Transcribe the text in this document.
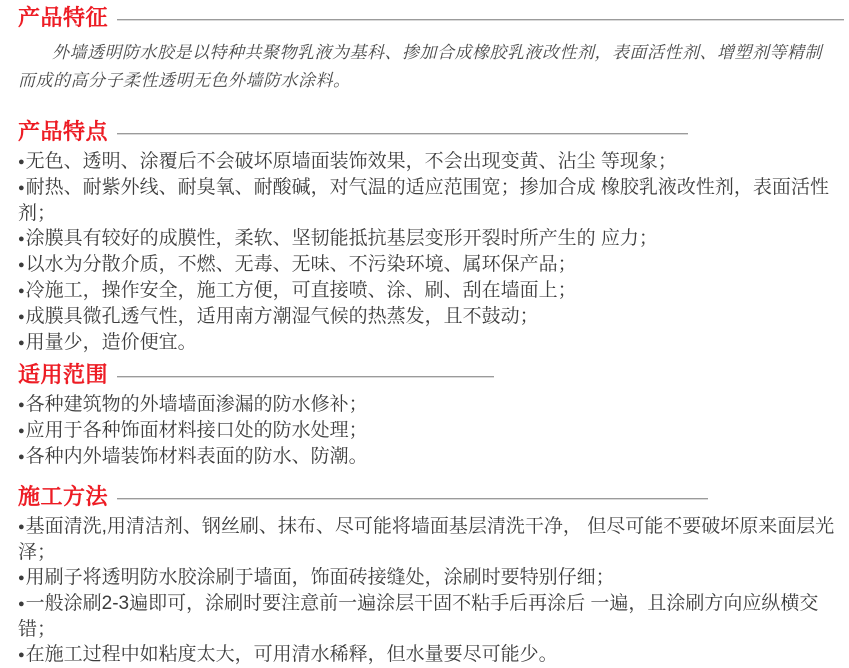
产品特征

外墙透明防水胶是以特种共聚物乳液为基科、掺加合成橡胶乳液改性剂，表面活性剂、增塑剂等精制而成的高分子柔性透明无色外墙防水涂料。

产品特点
●无色、透明、涂覆后不会破坏原墙面装饰效果，不会出现变黄、沾尘 等现象；
●耐热、耐紫外线、耐臭氧、耐酸碱，对气温的适应范围宽；掺加合成 橡胶乳液改性剂，表面活性剂；
●涂膜具有较好的成膜性，柔软、坚韧能抵抗基层变形开裂时所产生的 应力；
●以水为分散介质，不燃、无毒、无味、不污染环境、属环保产品；
●冷施工，操作安全，施工方便，可直接喷、涂、刷、刮在墙面上；
●成膜具微孔透气性，适用南方潮湿气候的热蒸发，且不鼓动；
●用量少，造价便宜。
适用范围
●各种建筑物的外墙墙面渗漏的防水修补；
●应用于各种饰面材料接口处的防水处理；
●各种内外墙装饰材料表面的防水、防潮。
施工方法
●基面清洗,用清洁剂、钢丝刷、抹布、尽可能将墙面基层清洗干净， 但尽可能不要破坏原来面层光泽；
●用刷子将透明防水胶涂刷于墙面，饰面砖接缝处，涂刷时要特别仔细；
●一般涂刷2-3遍即可，涂刷时要注意前一遍涂层干固不粘手后再涂后 一遍，且涂刷方向应纵横交错；
●在施工过程中如粘度太大，可用清水稀释，但水量要尽可能少。
